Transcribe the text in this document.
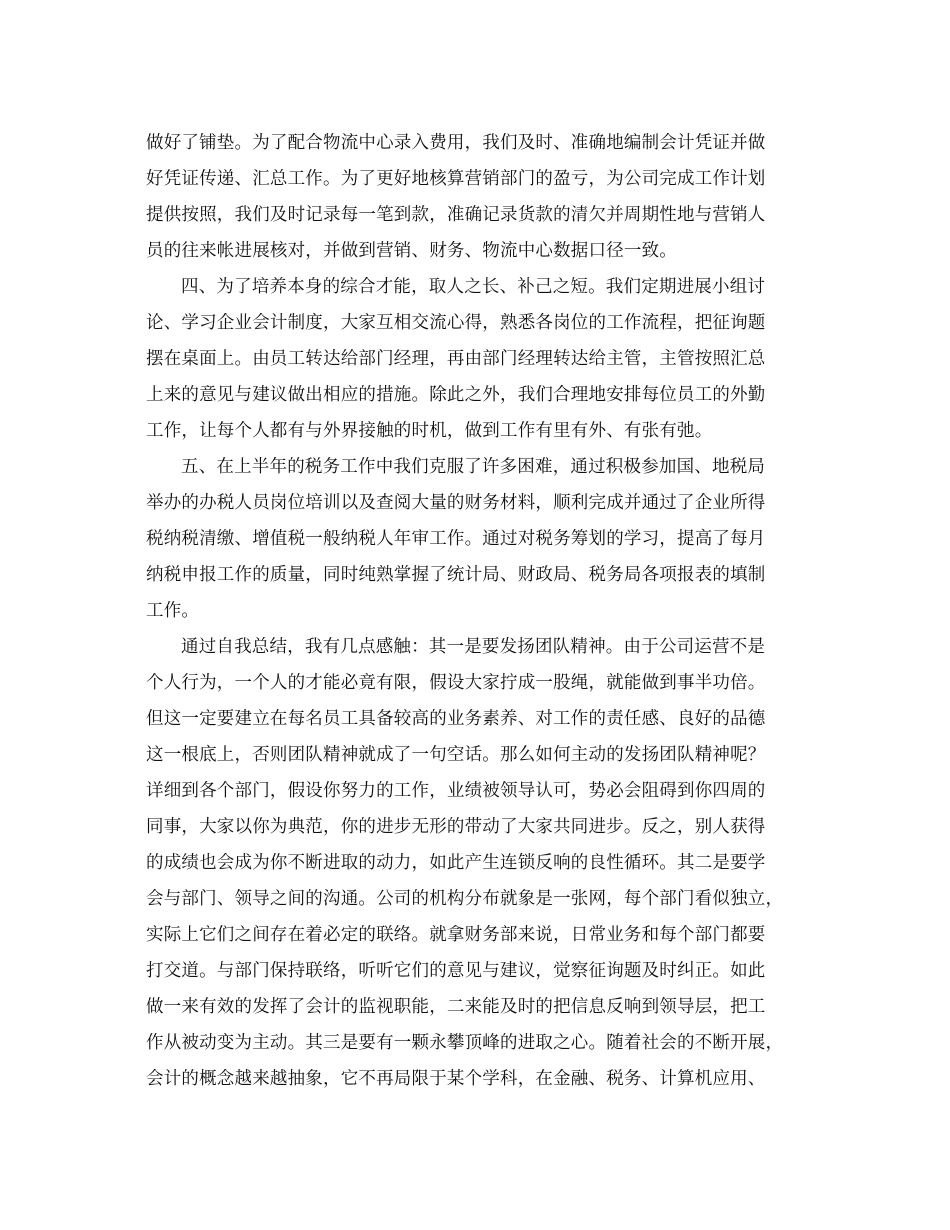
做好了铺垫。为了配合物流中心录入费用，我们及时、准确地编制会计凭证并做
好凭证传递、汇总工作。为了更好地核算营销部门的盈亏，为公司完成工作计划
提供按照，我们及时记录每一笔到款，准确记录货款的清欠并周期性地与营销人
员的往来帐进展核对，并做到营销、财务、物流中心数据口径一致。
四、为了培养本身的综合才能，取人之长、补己之短。我们定期进展小组讨
论、学习企业会计制度，大家互相交流心得，熟悉各岗位的工作流程，把征询题
摆在桌面上。由员工转达给部门经理，再由部门经理转达给主管，主管按照汇总
上来的意见与建议做出相应的措施。除此之外，我们合理地安排每位员工的外勤
工作，让每个人都有与外界接触的时机，做到工作有里有外、有张有弛。
五、在上半年的税务工作中我们克服了许多困难，通过积极参加国、地税局
举办的办税人员岗位培训以及查阅大量的财务材料，顺利完成并通过了企业所得
税纳税清缴、增值税一般纳税人年审工作。通过对税务筹划的学习，提高了每月
纳税申报工作的质量，同时纯熟掌握了统计局、财政局、税务局各项报表的填制
工作。
通过自我总结，我有几点感触：其一是要发扬团队精神。由于公司运营不是
个人行为，一个人的才能必竟有限，假设大家拧成一股绳，就能做到事半功倍。
但这一定要建立在每名员工具备较高的业务素养、对工作的责任感、良好的品德
这一根底上，否则团队精神就成了一句空话。那么如何主动的发扬团队精神呢？
详细到各个部门，假设你努力的工作，业绩被领导认可，势必会阻碍到你四周的
同事，大家以你为典范，你的进步无形的带动了大家共同进步。反之，别人获得
的成绩也会成为你不断进取的动力，如此产生连锁反响的良性循环。其二是要学
会与部门、领导之间的沟通。公司的机构分布就象是一张网，每个部门看似独立，
实际上它们之间存在着必定的联络。就拿财务部来说，日常业务和每个部门都要
打交道。与部门保持联络，听听它们的意见与建议，觉察征询题及时纠正。如此
做一来有效的发挥了会计的监视职能，二来能及时的把信息反响到领导层，把工
作从被动变为主动。其三是要有一颗永攀顶峰的进取之心。随着社会的不断开展，
会计的概念越来越抽象，它不再局限于某个学科，在金融、税务、计算机应用、
